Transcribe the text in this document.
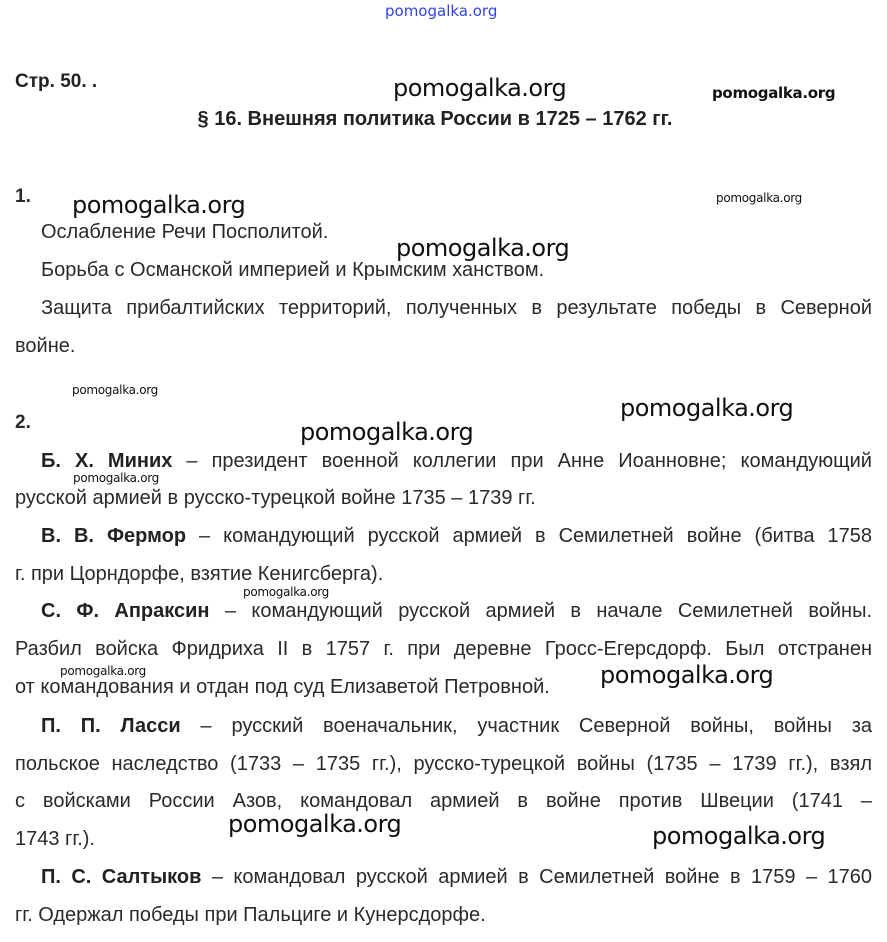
Стр. 50. .
§ 16. Внешняя политика России в 1725 – 1762 гг.
1.
2.
Ослабление Речи Посполитой.
Борьба с Османской империей и Крымским ханством.
Защита прибалтийских территорий, полученных в результате победы в Северной
войне.
Б. Х. Миних – президент военной коллегии при Анне Иоанновне; командующий
русской армией в русско-турецкой войне 1735 – 1739 гг.
В. В. Фермор – командующий русской армией в Семилетней войне (битва 1758
г. при Цорндорфе, взятие Кенигсберга).
С. Ф. Апраксин – командующий русской армией в начале Семилетней войны.
Разбил войска Фридриха II в 1757 г. при деревне Гросс-Егерсдорф. Был отстранен
от командования и отдан под суд Елизаветой Петровной.
П. П. Ласси – русский военачальник, участник Северной войны, войны за
польское наследство (1733 – 1735 гг.), русско-турецкой войны (1735 – 1739 гг.), взял
с войсками России Азов, командовал армией в войне против Швеции (1741 –
1743 гг.).
П. С. Салтыков – командовал русской армией в Семилетней войне в 1759 – 1760
гг. Одержал победы при Пальциге и Кунерсдорфе.
pomogalka.org
pomogalka.org	pomogalka.org
pomogalka.org
pomogalka.org
pomogalka.org
pomogalka.org
pomogalka.org
pomogalka.org
pomogalka.org
pomogalka.org
pomogalka.org	pomogalka.org
pomogalka.org	pomogalka.org
